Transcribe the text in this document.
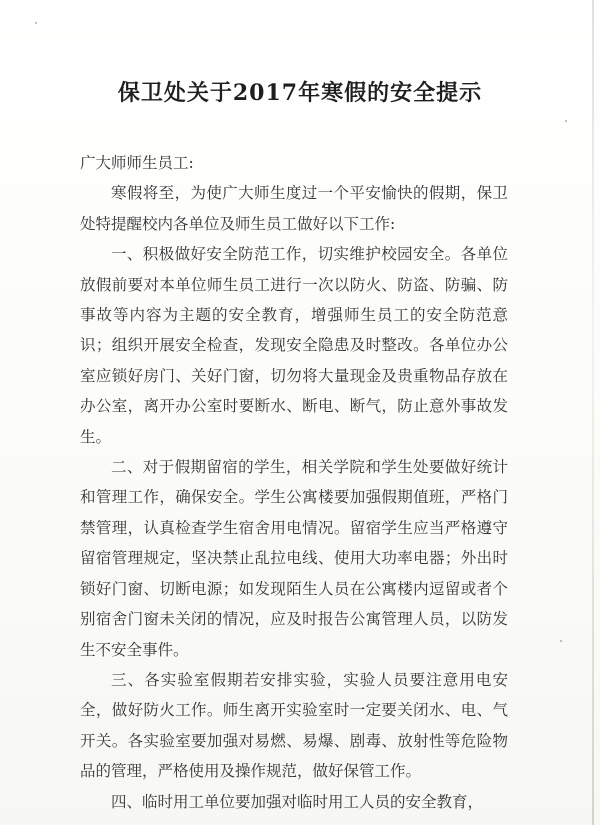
保卫处关于2017年寒假的安全提示

广大师师生员工:

寒假将至，为使广大师生度过一个平安愉快的假期，保卫处特提醒校内各单位及师生员工做好以下工作:

一、积极做好安全防范工作，切实维护校园安全。各单位放假前要对本单位师生员工进行一次以防火、防盗、防骗、防事故等内容为主题的安全教育，增强师生员工的安全防范意识；组织开展安全检查，发现安全隐患及时整改。各单位办公室应锁好房门、关好门窗，切勿将大量现金及贵重物品存放在办公室，离开办公室时要断水、断电、断气，防止意外事故发生。

二、对于假期留宿的学生，相关学院和学生处要做好统计和管理工作，确保安全。学生公寓楼要加强假期值班，严格门禁管理，认真检查学生宿舍用电情况。留宿学生应当严格遵守留宿管理规定，坚决禁止乱拉电线、使用大功率电器；外出时锁好门窗、切断电源；如发现陌生人员在公寓楼内逗留或者个别宿舍门窗未关闭的情况，应及时报告公寓管理人员，以防发生不安全事件。

三、各实验室假期若安排实验，实验人员要注意用电安全，做好防火工作。师生离开实验室时一定要关闭水、电、气开关。各实验室要加强对易燃、易爆、剧毒、放射性等危险物品的管理，严格使用及操作规范，做好保管工作。

四、临时用工单位要加强对临时用工人员的安全教育，
